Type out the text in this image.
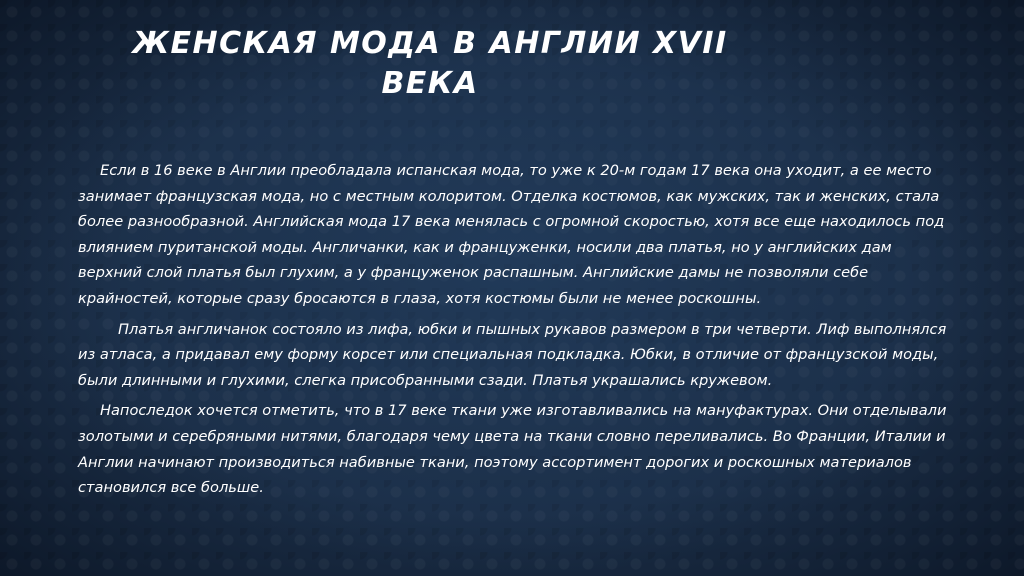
ЖЕНСКАЯ МОДА В АНГЛИИ XVII
ВЕКА

Если в 16 веке в Англии преобладала испанская мода, то уже к 20-м годам 17 века она уходит, а ее место занимает французская мода, но с местным колоритом. Отделка костюмов, как мужских, так и женских, стала более разнообразной. Английская мода 17 века менялась с огромной скоростью, хотя все еще находилось под влиянием пуританской моды. Англичанки, как и француженки, носили два платья, но у английских дам верхний слой платья был глухим, а у француженок распашным. Английские дамы не позволяли себе крайностей, которые сразу бросаются в глаза, хотя костюмы были не менее роскошны.

Платья англичанок состояло из лифа, юбки и пышных рукавов размером в три четверти. Лиф выполнялся из атласа, а придавал ему форму корсет или специальная подкладка. Юбки, в отличие от французской моды, были длинными и глухими, слегка присобранными сзади. Платья украшались кружевом.

Напоследок хочется отметить, что в 17 веке ткани уже изготавливались на мануфактурах. Они отделывали золотыми и серебряными нитями, благодаря чему цвета на ткани словно переливались. Во Франции, Италии и Англии начинают производиться набивные ткани, поэтому ассортимент дорогих и роскошных материалов становился все больше.
